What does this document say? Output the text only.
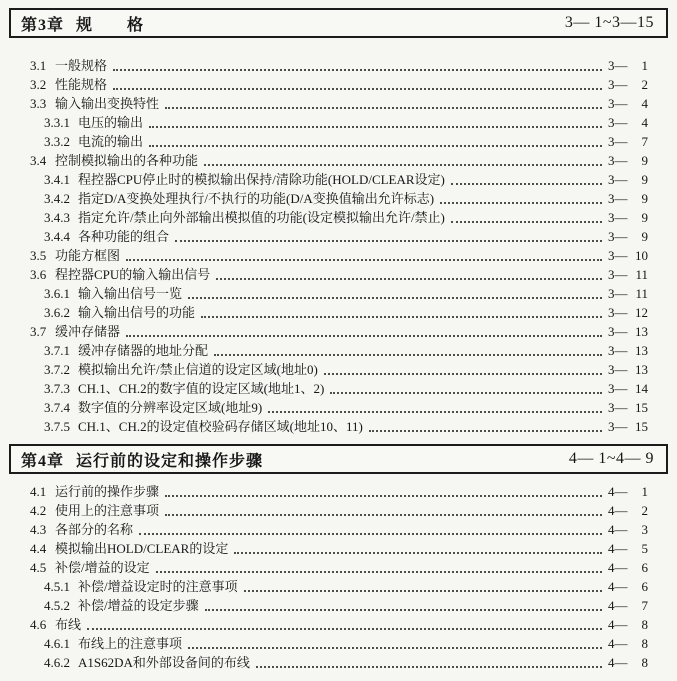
第3章 规　　格	3— 1~3—15
3.1 一般规格	3— 1
3.2 性能规格	3— 2
3.3 输入输出变换特性	3— 4
3.3.1 电压的输出	3— 4
3.3.2 电流的输出	3— 7
3.4 控制模拟输出的各种功能	3— 9
3.4.1 程控器CPU停止时的模拟输出保持/清除功能(HOLD/CLEAR设定)	3— 9
3.4.2 指定D/A变换处理执行/不执行的功能(D/A变换值输出允许标志)	3— 9
3.4.3 指定允许/禁止向外部输出模拟值的功能(设定模拟输出允许/禁止)	3— 9
3.4.4 各种功能的组合	3— 9
3.5 功能方框图	3— 10
3.6 程控器CPU的输入输出信号	3— 11
3.6.1 输入输出信号一览	3— 11
3.6.2 输入输出信号的功能	3— 12
3.7 缓冲存储器	3— 13
3.7.1 缓冲存储器的地址分配	3— 13
3.7.2 模拟输出允许/禁止信道的设定区域(地址0)	3— 13
3.7.3 CH.1、CH.2的数字值的设定区域(地址1、2)	3— 14
3.7.4 数字值的分辨率设定区域(地址9)	3— 15
3.7.5 CH.1、CH.2的设定值校验码存储区域(地址10、11)	3— 15
第4章 运行前的设定和操作步骤	4— 1~4— 9
4.1 运行前的操作步骤	4— 1
4.2 使用上的注意事项	4— 2
4.3 各部分的名称	4— 3
4.4 模拟输出HOLD/CLEAR的设定	4— 5
4.5 补偿/增益的设定	4— 6
4.5.1 补偿/增益设定时的注意事项	4— 6
4.5.2 补偿/增益的设定步骤	4— 7
4.6 布线	4— 8
4.6.1 布线上的注意事项	4— 8
4.6.2 A1S62DA和外部设备间的布线	4— 8
